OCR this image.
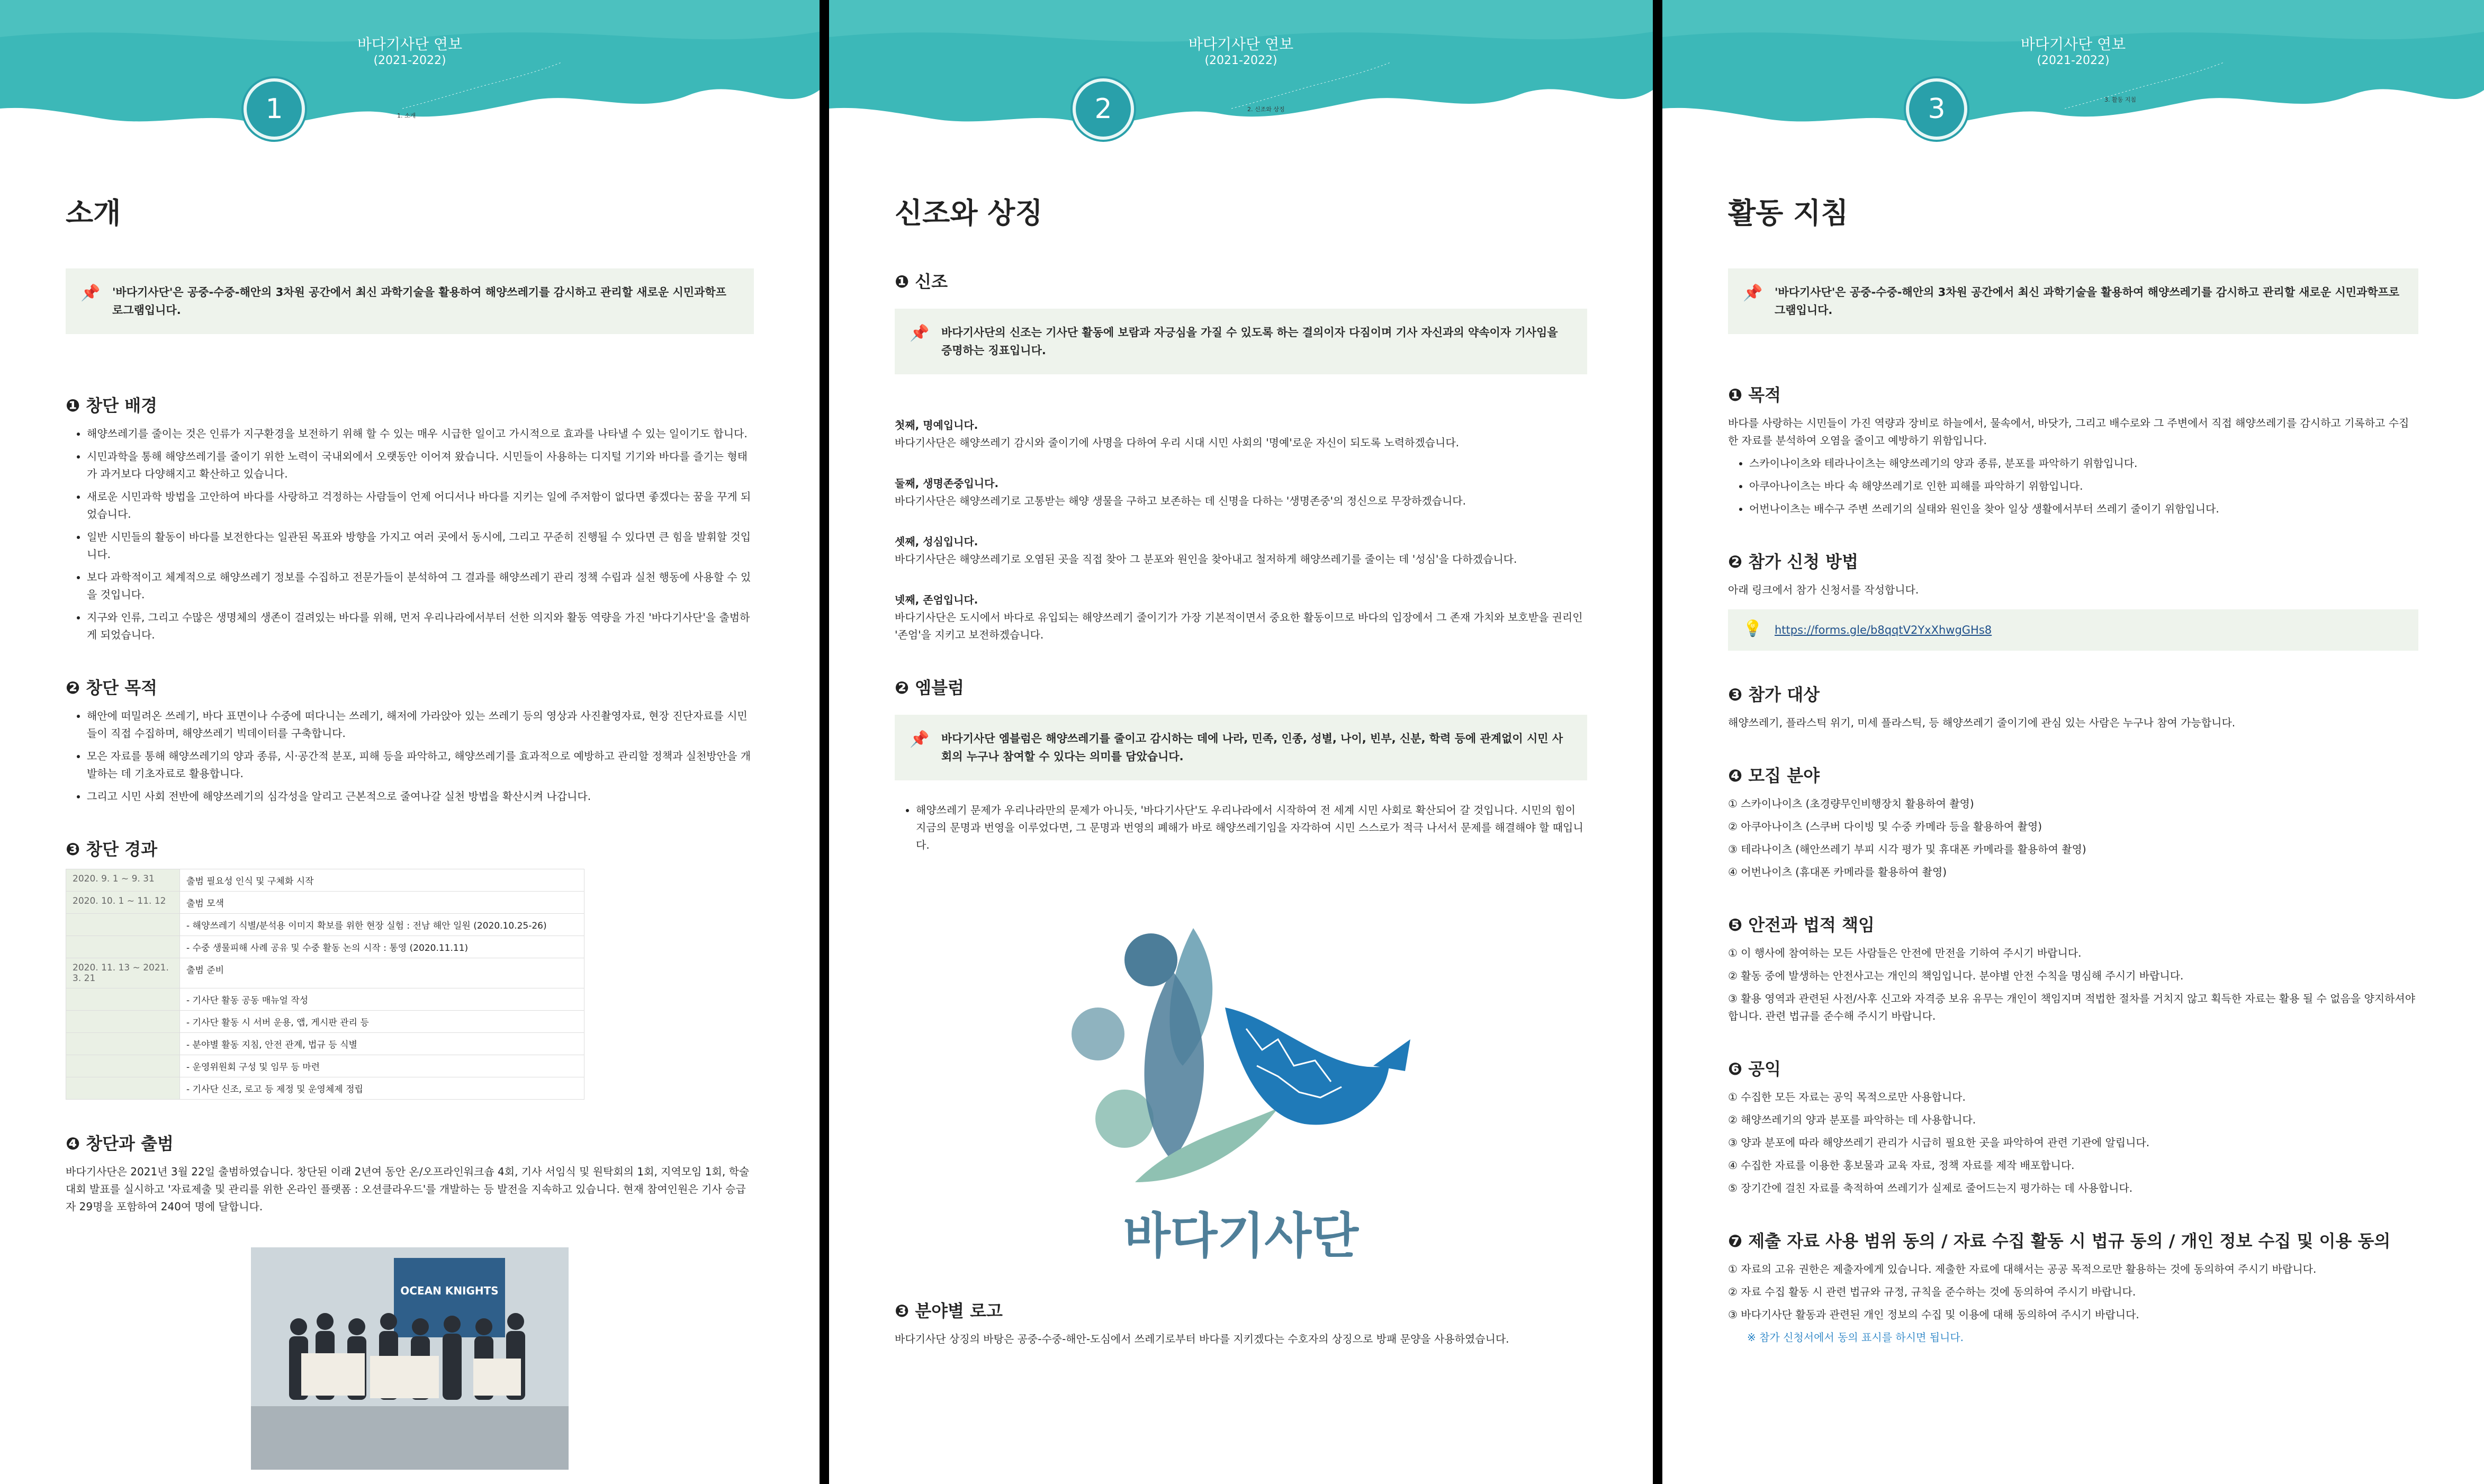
바다기사단 연보
(2021-2022)
1	1. 소개
소개
📌 '바다기사단'은 공중-수중-해안의 3차원 공간에서 최신 과학기술을 활용하여 해양쓰레기를 감시하고 관리할 새로운 시민과학프로그램입니다.
❶ 창단 배경
• 해양쓰레기를 줄이는 것은 인류가 지구환경을 보전하기 위해 할 수 있는 매우 시급한 일이고 가시적으로 효과를 나타낼 수 있는 일이기도 합니다.
• 시민과학을 통해 해양쓰레기를 줄이기 위한 노력이 국내외에서 오랫동안 이어져 왔습니다. 시민들이 사용하는 디지털 기기와 바다를 즐기는 형태가 과거보다 다양해지고 확산하고 있습니다.
• 새로운 시민과학 방법을 고안하여 바다를 사랑하고 걱정하는 사람들이 언제 어디서나 바다를 지키는 일에 주저함이 없다면 좋겠다는 꿈을 꾸게 되었습니다.
• 일반 시민들의 활동이 바다를 보전한다는 일관된 목표와 방향을 가지고 여러 곳에서 동시에, 그리고 꾸준히 진행될 수 있다면 큰 힘을 발휘할 것입니다.
• 보다 과학적이고 체계적으로 해양쓰레기 정보를 수집하고 전문가들이 분석하여 그 결과를 해양쓰레기 관리 정책 수립과 실천 행동에 사용할 수 있을 것입니다.
• 지구와 인류, 그리고 수많은 생명체의 생존이 걸려있는 바다를 위해, 먼저 우리나라에서부터 선한 의지와 활동 역량을 가진 '바다기사단'을 출범하게 되었습니다.
❷ 창단 목적
• 해안에 떠밀려온 쓰레기, 바다 표면이나 수중에 떠다니는 쓰레기, 해저에 가라앉아 있는 쓰레기 등의 영상과 사진촬영자료, 현장 진단자료를 시민들이 직접 수집하며, 해양쓰레기 빅데이터를 구축합니다.
• 모은 자료를 통해 해양쓰레기의 양과 종류, 시·공간적 분포, 피해 등을 파악하고, 해양쓰레기를 효과적으로 예방하고 관리할 정책과 실천방안을 개발하는 데 기초자료로 활용합니다.
• 그리고 시민 사회 전반에 해양쓰레기의 심각성을 알리고 근본적으로 줄여나갈 실천 방법을 확산시켜 나갑니다.
❸ 창단 경과
2020. 9. 1 ~ 9. 31	출범 필요성 인식 및 구체화 시작
2020. 10. 1 ~ 11. 12	출범 모색
	- 해양쓰레기 식별/분석용 이미지 확보를 위한 현장 실험 : 전남 해안 일원 (2020.10.25-26)
	- 수중 생물피해 사례 공유 및 수중 활동 논의 시작 : 통영 (2020.11.11)
2020. 11. 13 ~ 2021. 3. 21	출범 준비
	- 기사단 활동 공동 매뉴얼 작성
	- 기사단 활동 시 서버 운용, 앱, 게시판 관리 등
	- 분야별 활동 지침, 안전 관계, 법규 등 식별
	- 운영위원회 구성 및 임무 등 마련
	- 기사단 신조, 로고 등 제정 및 운영체제 정립
❹ 창단과 출범

바다기사단은 2021년 3월 22일 출범하였습니다. 창단된 이래 2년여 동안 온/오프라인워크숍 4회, 기사 서임식 및 원탁회의 1회, 지역모임 1회, 학술대회 발표를 실시하고 '자료제출 및 관리를 위한 온라인 플랫폼 : 오션클라우드'를 개발하는 등 발전을 지속하고 있습니다. 현재 참여인원은 기사 승급자 29명을 포함하여 240여 명에 달합니다.

OCEAN KNIGHTS
바다기사단 연보
(2021-2022)
2	2. 신조와 상징
신조와 상징
❶ 신조
📌 바다기사단의 신조는 기사단 활동에 보람과 자긍심을 가질 수 있도록 하는 결의이자 다짐이며 기사 자신과의 약속이자 기사임을 증명하는 징표입니다.

첫째, 명예입니다.

바다기사단은 해양쓰레기 감시와 줄이기에 사명을 다하여 우리 시대 시민 사회의 '명예'로운 자신이 되도록 노력하겠습니다.

둘째, 생명존중입니다.

바다기사단은 해양쓰레기로 고통받는 해양 생물을 구하고 보존하는 데 신명을 다하는 '생명존중'의 정신으로 무장하겠습니다.

셋째, 성심입니다.

바다기사단은 해양쓰레기로 오염된 곳을 직접 찾아 그 분포와 원인을 찾아내고 철저하게 해양쓰레기를 줄이는 데 '성심'을 다하겠습니다.

넷째, 존엄입니다.

바다기사단은 도시에서 바다로 유입되는 해양쓰레기 줄이기가 가장 기본적이면서 중요한 활동이므로 바다의 입장에서 그 존재 가치와 보호받을 권리인 '존엄'을 지키고 보전하겠습니다.

❷ 엠블럼
📌 바다기사단 엠블럼은 해양쓰레기를 줄이고 감시하는 데에 나라, 민족, 인종, 성별, 나이, 빈부, 신분, 학력 등에 관계없이 시민 사회의 누구나 참여할 수 있다는 의미를 담았습니다.
• 해양쓰레기 문제가 우리나라만의 문제가 아니듯, '바다기사단'도 우리나라에서 시작하여 전 세계 시민 사회로 확산되어 갈 것입니다. 시민의 힘이 지금의 문명과 번영을 이루었다면, 그 문명과 번영의 폐해가 바로 해양쓰레기임을 자각하여 시민 스스로가 적극 나서서 문제를 해결해야 할 때입니다.
바다기사단
❸ 분야별 로고

바다기사단 상징의 바탕은 공중-수중-해안-도심에서 쓰레기로부터 바다를 지키겠다는 수호자의 상징으로 방패 문양을 사용하였습니다.

바다기사단 연보
(2021-2022)
3	3. 활동 지침
활동 지침
📌 '바다기사단'은 공중-수중-해안의 3차원 공간에서 최신 과학기술을 활용하여 해양쓰레기를 감시하고 관리할 새로운 시민과학프로그램입니다.
❶ 목적

바다를 사랑하는 시민들이 가진 역량과 장비로 하늘에서, 물속에서, 바닷가, 그리고 배수로와 그 주변에서 직접 해양쓰레기를 감시하고 기록하고 수집한 자료를 분석하여 오염을 줄이고 예방하기 위함입니다.

• 스카이나이츠와 테라나이츠는 해양쓰레기의 양과 종류, 분포를 파악하기 위함입니다.
• 아쿠아나이츠는 바다 속 해양쓰레기로 인한 피해를 파악하기 위함입니다.
• 어번나이츠는 배수구 주변 쓰레기의 실태와 원인을 찾아 일상 생활에서부터 쓰레기 줄이기 위함입니다.
❷ 참가 신청 방법

아래 링크에서 참가 신청서를 작성합니다.

💡 https://forms.gle/b8qqtV2YxXhwgGHs8
❸ 참가 대상

해양쓰레기, 플라스틱 위기, 미세 플라스틱, 등 해양쓰레기 줄이기에 관심 있는 사람은 누구나 참여 가능합니다.

❹ 모집 분야

① 스카이나이츠 (초경량무인비행장치 활용하여 촬영)

② 아쿠아나이츠 (스쿠버 다이빙 및 수중 카메라 등을 활용하여 촬영)

③ 테라나이츠 (해안쓰레기 부피 시각 평가 및 휴대폰 카메라를 활용하여 촬영)

④ 어번나이츠 (휴대폰 카메라를 활용하여 촬영)

❺ 안전과 법적 책임

① 이 행사에 참여하는 모든 사람들은 안전에 만전을 기하여 주시기 바랍니다.

② 활동 중에 발생하는 안전사고는 개인의 책임입니다. 분야별 안전 수칙을 명심해 주시기 바랍니다.

③ 활용 영역과 관련된 사전/사후 신고와 자격증 보유 유무는 개인이 책임지며 적법한 절차를 거치지 않고 획득한 자료는 활용 될 수 없음을 양지하셔야 합니다. 관련 법규를 준수해 주시기 바랍니다.

❻ 공익

① 수집한 모든 자료는 공익 목적으로만 사용합니다.

② 해양쓰레기의 양과 분포를 파악하는 데 사용합니다.

③ 양과 분포에 따라 해양쓰레기 관리가 시급히 필요한 곳을 파악하여 관련 기관에 알립니다.

④ 수집한 자료를 이용한 홍보물과 교육 자료, 정책 자료를 제작 배포합니다.

⑤ 장기간에 걸친 자료를 축적하여 쓰레기가 실제로 줄어드는지 평가하는 데 사용합니다.

❼ 제출 자료 사용 범위 동의 / 자료 수집 활동 시 법규 동의 / 개인 정보 수집 및 이용 동의

① 자료의 고유 권한은 제출자에게 있습니다. 제출한 자료에 대해서는 공공 목적으로만 활용하는 것에 동의하여 주시기 바랍니다.

② 자료 수집 활동 시 관련 법규와 규정, 규칙을 준수하는 것에 동의하여 주시기 바랍니다.

③ 바다기사단 활동과 관련된 개인 정보의 수집 및 이용에 대해 동의하여 주시기 바랍니다.

※ 참가 신청서에서 동의 표시를 하시면 됩니다.
